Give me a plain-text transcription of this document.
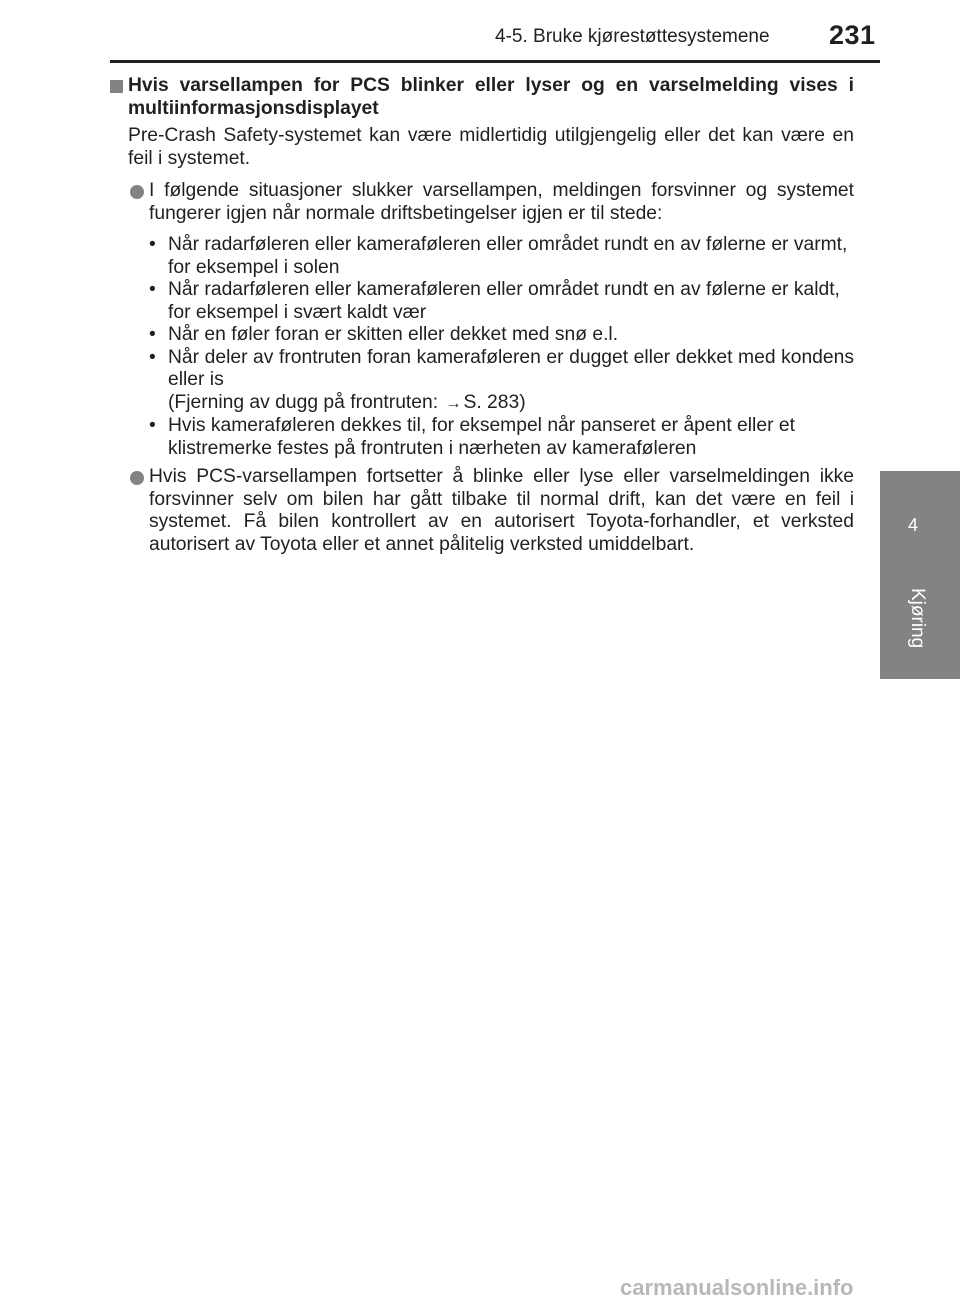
4-5. Bruke kjørestøttesystemene 231
4
Kjøring
Hvis varsellampen for PCS blinker eller lyser og en varselmelding vises i multiinformasjonsdisplayet
Pre-Crash Safety-systemet kan være midlertidig utilgjengelig eller det kan være en feil i systemet.
I følgende situasjoner slukker varsellampen, meldingen forsvinner og systemet fungerer igjen når normale driftsbetingelser igjen er til stede:
• Når radarføleren eller kameraføleren eller området rundt en av følerne er varmt, for eksempel i solen
• Når radarføleren eller kameraføleren eller området rundt en av følerne er kaldt, for eksempel i svært kaldt vær
• Når en føler foran er skitten eller dekket med snø e.l.
• Når deler av frontruten foran kameraføleren er dugget eller dekket med kondens eller is
(Fjerning av dugg på frontruten: → S. 283)
• Hvis kameraføleren dekkes til, for eksempel når panseret er åpent eller et klistremerke festes på frontruten i nærheten av kameraføleren
Hvis PCS-varsellampen fortsetter å blinke eller lyse eller varselmeldingen ikke forsvinner selv om bilen har gått tilbake til normal drift, kan det være en feil i systemet. Få bilen kontrollert av en autorisert Toyota-forhandler, et verksted autorisert av Toyota eller et annet pålitelig verksted umiddelbart.
carmanualsonline.info
